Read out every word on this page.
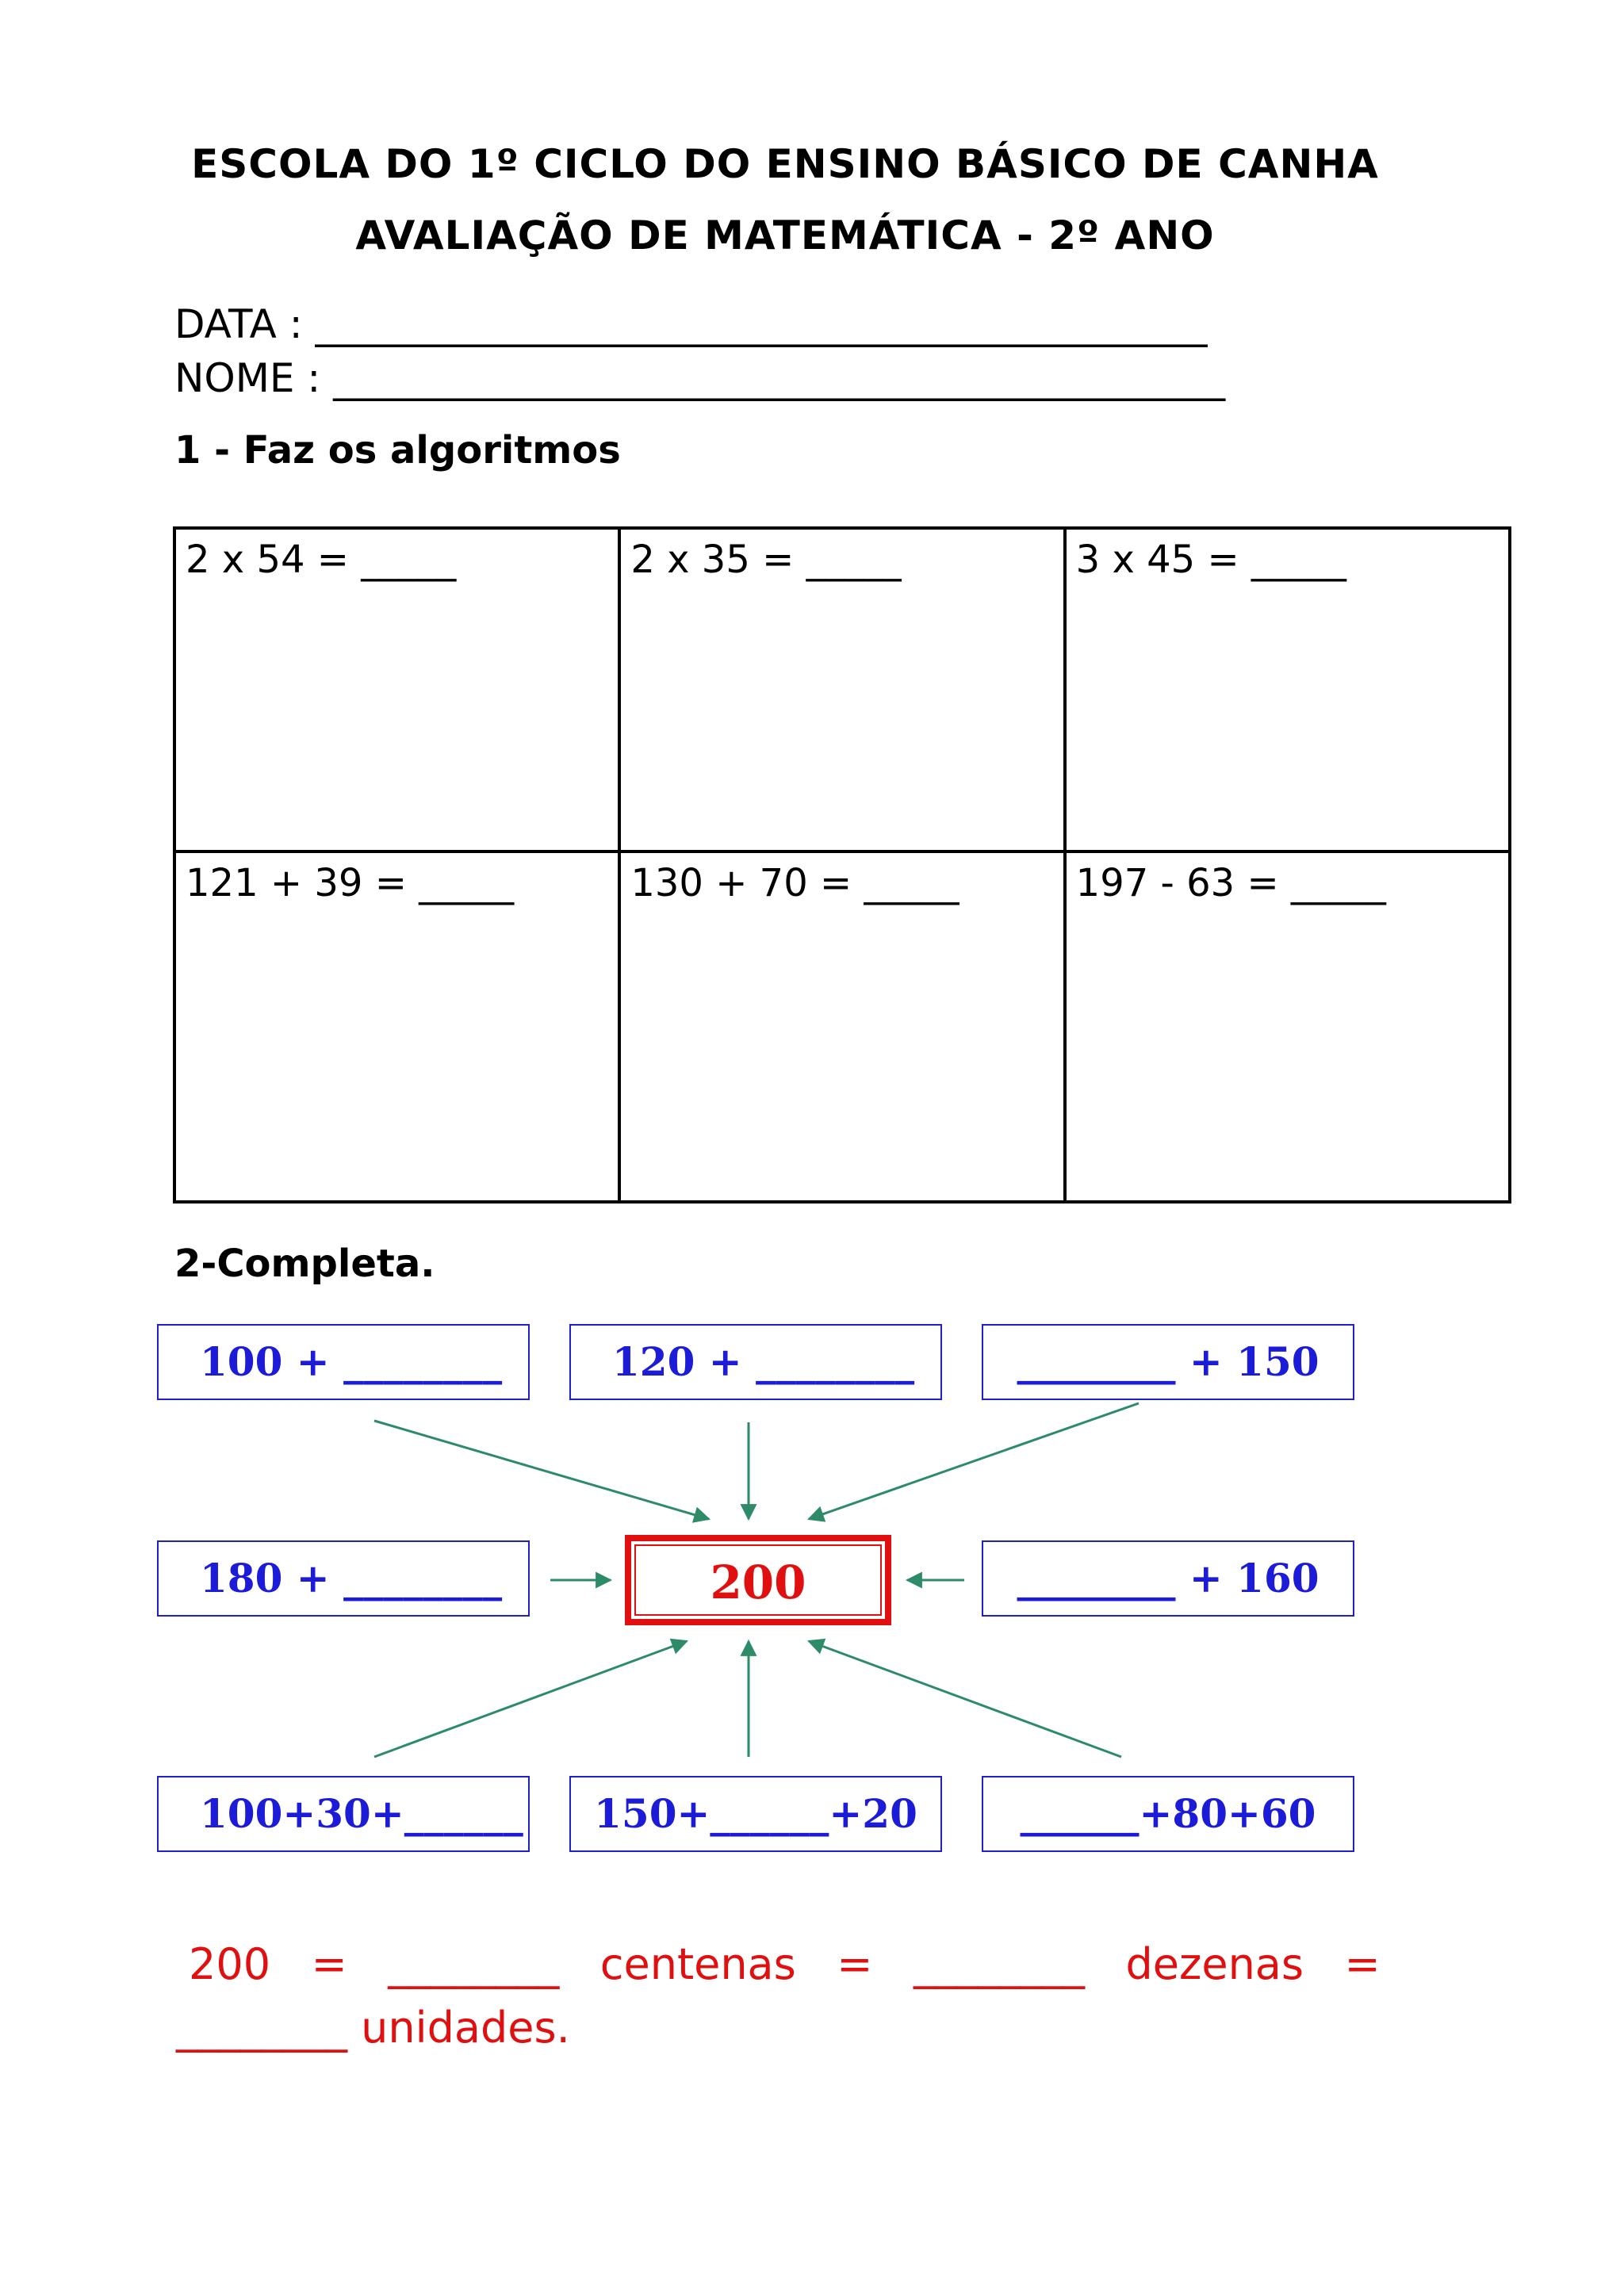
ESCOLA DO 1º CICLO DO ENSINO BÁSICO DE CANHA
AVALIAÇÃO DE MATEMÁTICA - 2º ANO
DATA : _____________________________________________
NOME : _____________________________________________
1 - Faz os algoritmos
2 x 54 = _____	2 x 35 = _____	3 x 45 = _____
121 + 39 = _____	130 + 70 = _____	197 - 63 = _____
2-Completa.
100 + ________	120 + ________	________ + 150
180 + ________	200	________ + 160
100+30+______	150+______+20	______+80+60
200   =   ________   centenas   =   ________   dezenas   =
________ unidades.
